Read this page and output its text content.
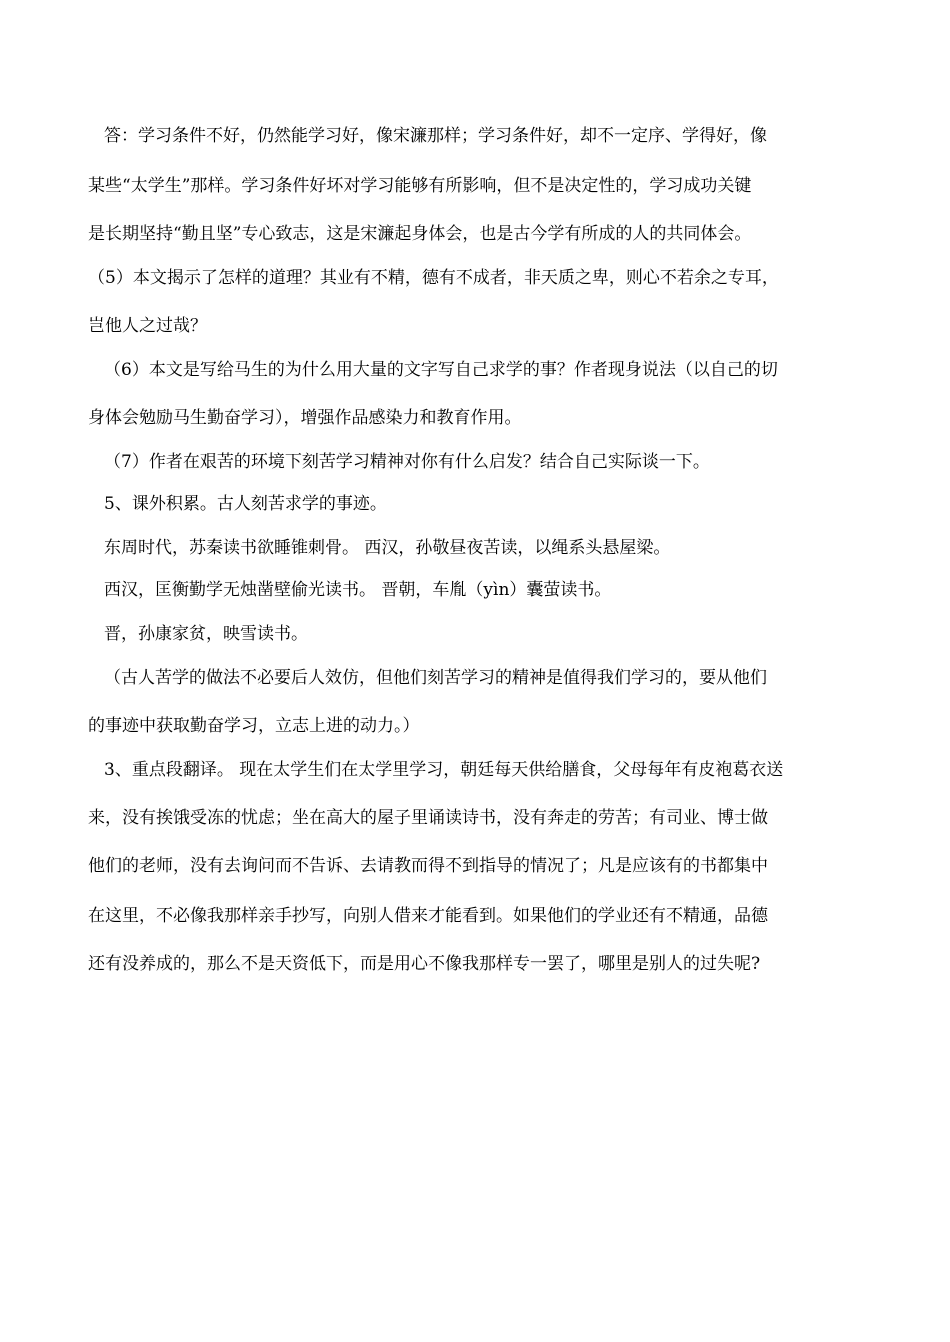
答：学习条件不好，仍然能学习好，像宋濂那样；学习条件好，却不一定序、学得好，像
某些“太学生”那样。学习条件好坏对学习能够有所影响，但不是决定性的，学习成功关键
是长期坚持“勤且坚”专心致志，这是宋濂起身体会，也是古今学有所成的人的共同体会。
（5）本文揭示了怎样的道理？其业有不精，德有不成者，非天质之卑，则心不若余之专耳，
岂他人之过哉？
（6）本文是写给马生的为什么用大量的文字写自己求学的事？作者现身说法（以自己的切
身体会勉励马生勤奋学习），增强作品感染力和教育作用。
（7）作者在艰苦的环境下刻苦学习精神对你有什么启发？结合自己实际谈一下。
5、课外积累。古人刻苦求学的事迹。
东周时代，苏秦读书欲睡锥刺骨。 西汉，孙敬昼夜苦读，以绳系头悬屋梁。
西汉，匡衡勤学无烛凿壁偷光读书。 晋朝，车胤（yìn）囊萤读书。
晋，孙康家贫，映雪读书。
（古人苦学的做法不必要后人效仿，但他们刻苦学习的精神是值得我们学习的，要从他们
的事迹中获取勤奋学习，立志上进的动力。）
3、重点段翻译。 现在太学生们在太学里学习，朝廷每天供给膳食，父母每年有皮袍葛衣送
来，没有挨饿受冻的忧虑；坐在高大的屋子里诵读诗书，没有奔走的劳苦；有司业、博士做
他们的老师，没有去询问而不告诉、去请教而得不到指导的情况了；凡是应该有的书都集中
在这里，不必像我那样亲手抄写，向别人借来才能看到。如果他们的学业还有不精通，品德
还有没养成的，那么不是天资低下，而是用心不像我那样专一罢了，哪里是别人的过失呢?
